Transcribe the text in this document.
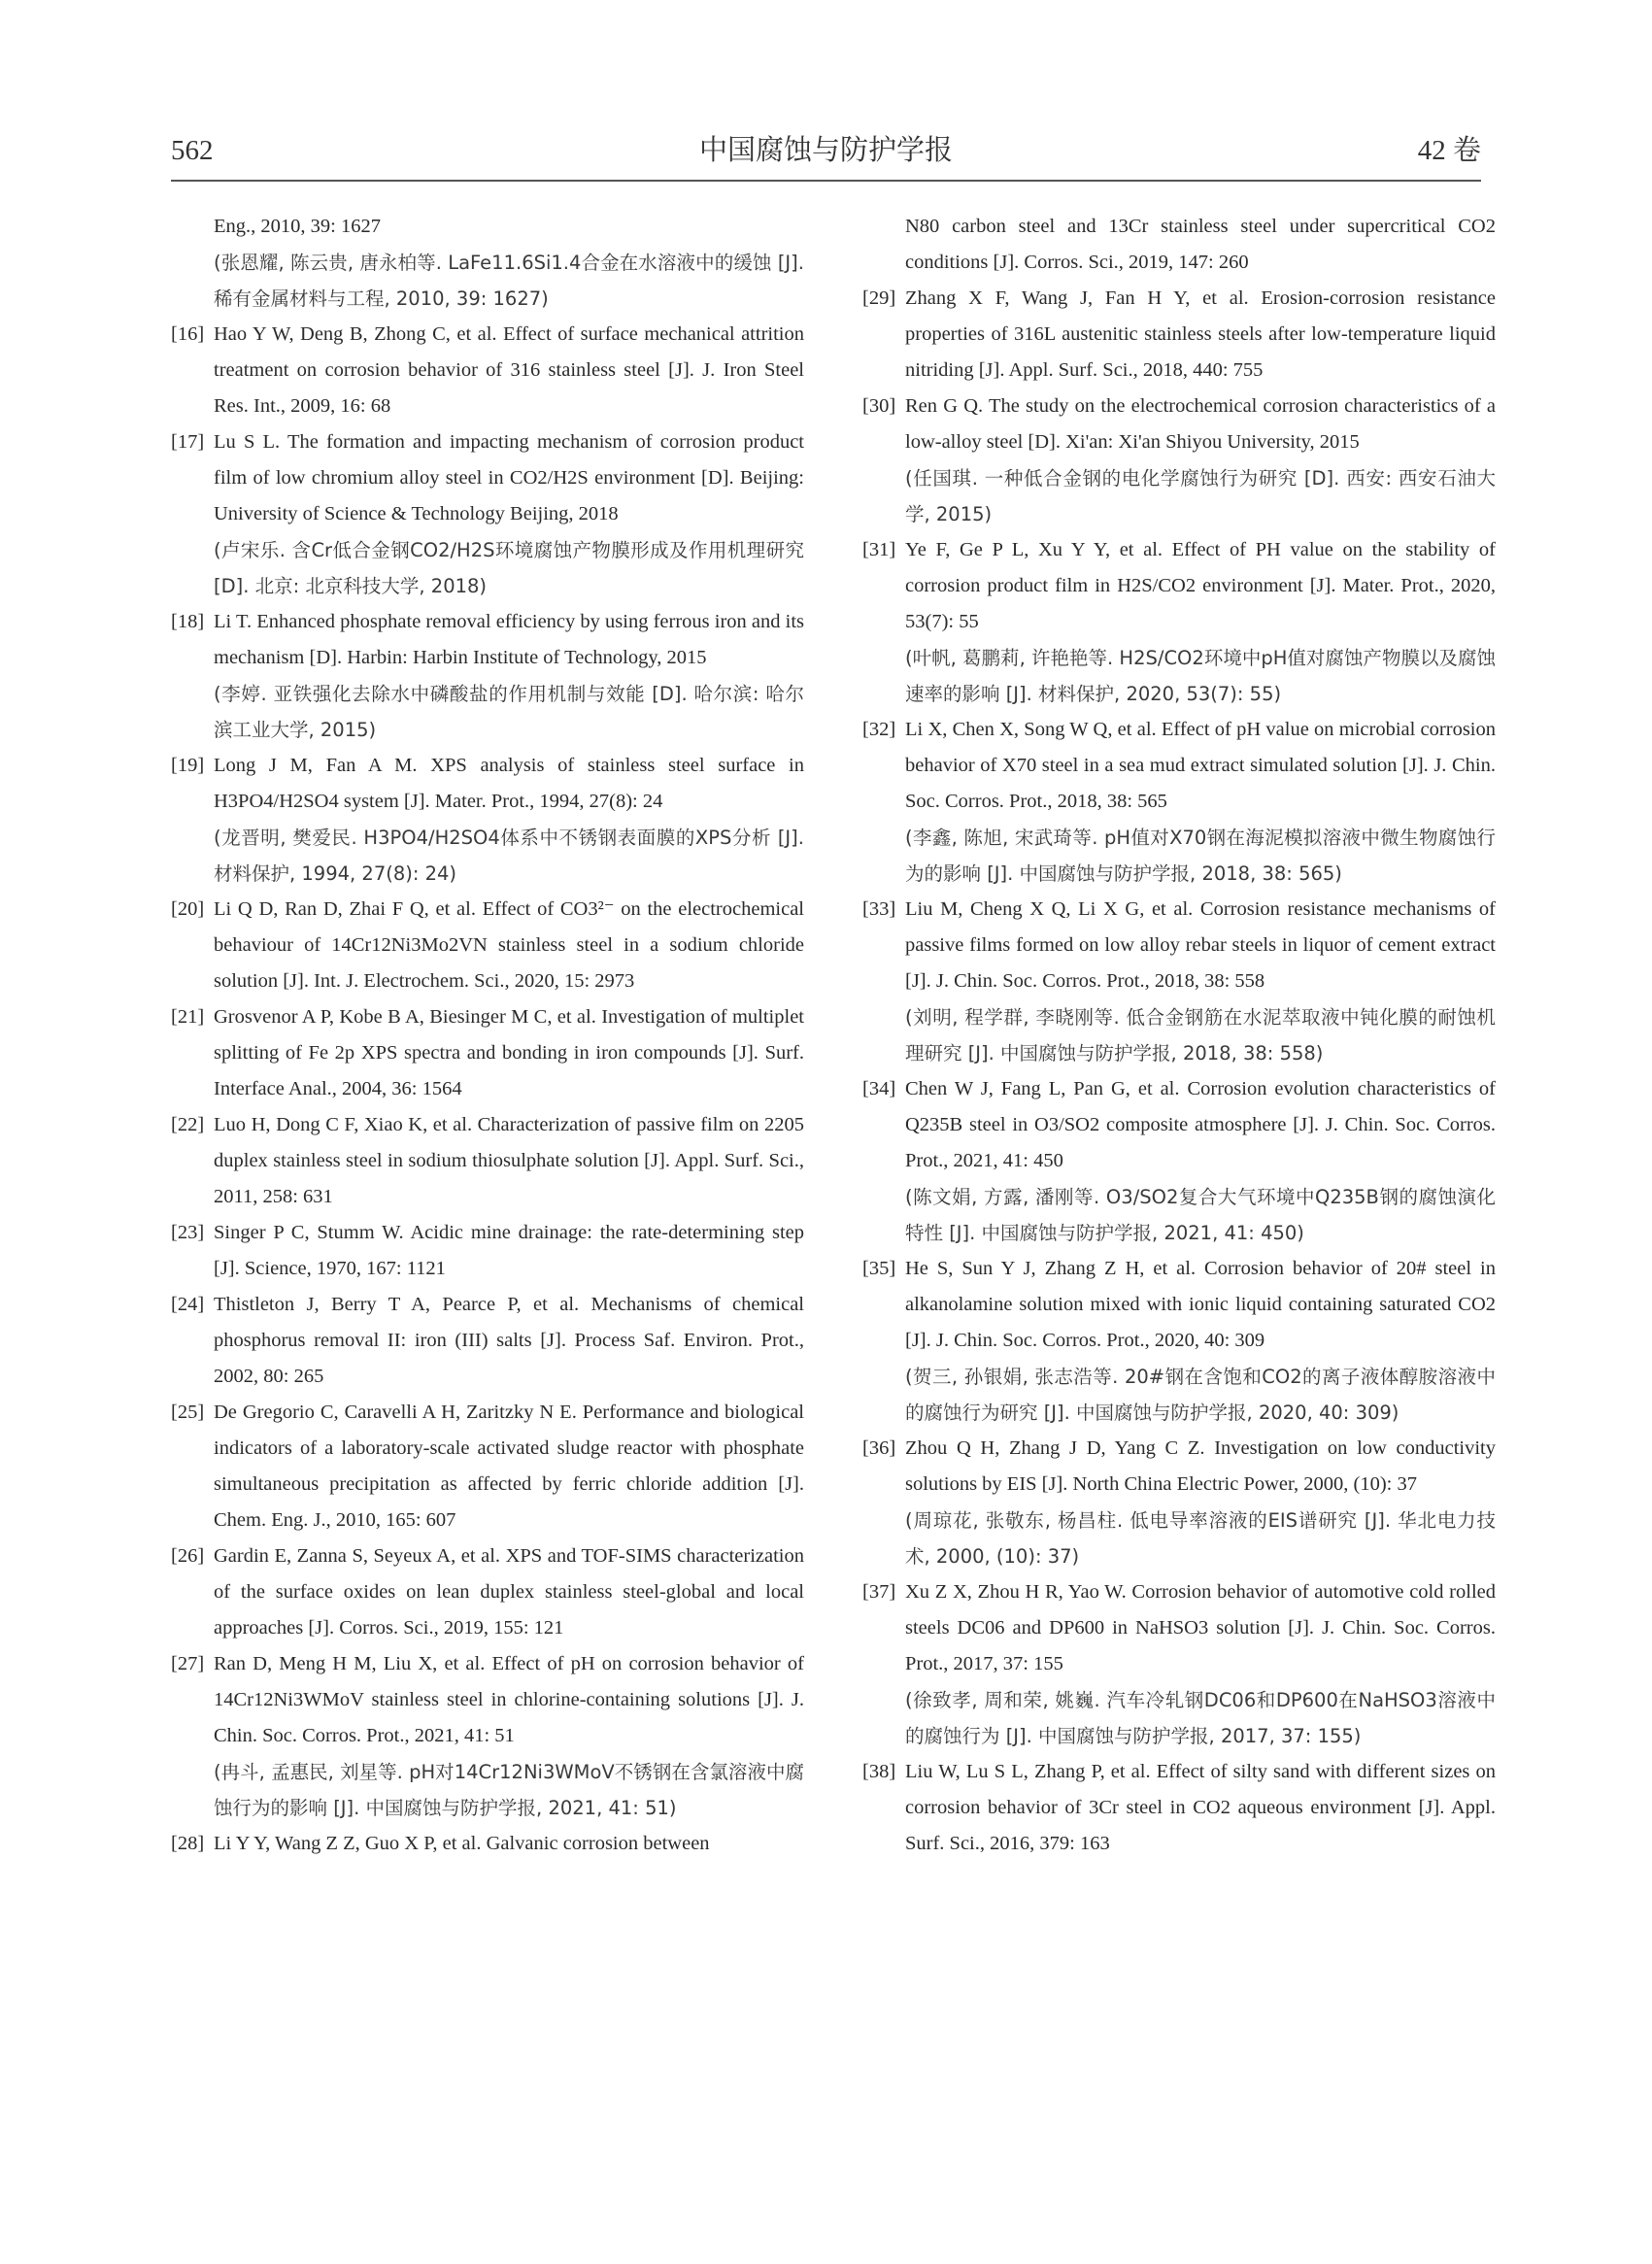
562	中国腐蚀与防护学报	42 卷
Eng., 2010, 39: 1627
(张恩耀, 陈云贵, 唐永柏等. LaFe11.6Si1.4合金在水溶液中的缓蚀 [J]. 稀有金属材料与工程, 2010, 39: 1627)
[16] Hao Y W, Deng B, Zhong C, et al. Effect of surface mechanical attrition treatment on corrosion behavior of 316 stainless steel [J]. J. Iron Steel Res. Int., 2009, 16: 68
[17] Lu S L. The formation and impacting mechanism of corrosion product film of low chromium alloy steel in CO2/H2S environment [D]. Beijing: University of Science & Technology Beijing, 2018
(卢宋乐. 含Cr低合金钢CO2/H2S环境腐蚀产物膜形成及作用机理研究 [D]. 北京: 北京科技大学, 2018)
[18] Li T. Enhanced phosphate removal efficiency by using ferrous iron and its mechanism [D]. Harbin: Harbin Institute of Technology, 2015
(李婷. 亚铁强化去除水中磷酸盐的作用机制与效能 [D]. 哈尔滨: 哈尔滨工业大学, 2015)
[19] Long J M, Fan A M. XPS analysis of stainless steel surface in H3PO4/H2SO4 system [J]. Mater. Prot., 1994, 27(8): 24
(龙晋明, 樊爱民. H3PO4/H2SO4体系中不锈钢表面膜的XPS分析 [J]. 材料保护, 1994, 27(8): 24)
[20] Li Q D, Ran D, Zhai F Q, et al. Effect of CO3²⁻ on the electrochemical behaviour of 14Cr12Ni3Mo2VN stainless steel in a sodium chloride solution [J]. Int. J. Electrochem. Sci., 2020, 15: 2973
[21] Grosvenor A P, Kobe B A, Biesinger M C, et al. Investigation of multiplet splitting of Fe 2p XPS spectra and bonding in iron compounds [J]. Surf. Interface Anal., 2004, 36: 1564
[22] Luo H, Dong C F, Xiao K, et al. Characterization of passive film on 2205 duplex stainless steel in sodium thiosulphate solution [J]. Appl. Surf. Sci., 2011, 258: 631
[23] Singer P C, Stumm W. Acidic mine drainage: the rate-determining step [J]. Science, 1970, 167: 1121
[24] Thistleton J, Berry T A, Pearce P, et al. Mechanisms of chemical phosphorus removal II: iron (III) salts [J]. Process Saf. Environ. Prot., 2002, 80: 265
[25] De Gregorio C, Caravelli A H, Zaritzky N E. Performance and biological indicators of a laboratory-scale activated sludge reactor with phosphate simultaneous precipitation as affected by ferric chloride addition [J]. Chem. Eng. J., 2010, 165: 607
[26] Gardin E, Zanna S, Seyeux A, et al. XPS and TOF-SIMS characterization of the surface oxides on lean duplex stainless steel-global and local approaches [J]. Corros. Sci., 2019, 155: 121
[27] Ran D, Meng H M, Liu X, et al. Effect of pH on corrosion behavior of 14Cr12Ni3WMoV stainless steel in chlorine-containing solutions [J]. J. Chin. Soc. Corros. Prot., 2021, 41: 51
(冉斗, 孟惠民, 刘星等. pH对14Cr12Ni3WMoV不锈钢在含氯溶液中腐蚀行为的影响 [J]. 中国腐蚀与防护学报, 2021, 41: 51)
[28] Li Y Y, Wang Z Z, Guo X P, et al. Galvanic corrosion between
N80 carbon steel and 13Cr stainless steel under supercritical CO2 conditions [J]. Corros. Sci., 2019, 147: 260
[29] Zhang X F, Wang J, Fan H Y, et al. Erosion-corrosion resistance properties of 316L austenitic stainless steels after low-temperature liquid nitriding [J]. Appl. Surf. Sci., 2018, 440: 755
[30] Ren G Q. The study on the electrochemical corrosion characteristics of a low-alloy steel [D]. Xi'an: Xi'an Shiyou University, 2015
(任国琪. 一种低合金钢的电化学腐蚀行为研究 [D]. 西安: 西安石油大学, 2015)
[31] Ye F, Ge P L, Xu Y Y, et al. Effect of PH value on the stability of corrosion product film in H2S/CO2 environment [J]. Mater. Prot., 2020, 53(7): 55
(叶帆, 葛鹏莉, 许艳艳等. H2S/CO2环境中pH值对腐蚀产物膜以及腐蚀速率的影响 [J]. 材料保护, 2020, 53(7): 55)
[32] Li X, Chen X, Song W Q, et al. Effect of pH value on microbial corrosion behavior of X70 steel in a sea mud extract simulated solution [J]. J. Chin. Soc. Corros. Prot., 2018, 38: 565
(李鑫, 陈旭, 宋武琦等. pH值对X70钢在海泥模拟溶液中微生物腐蚀行为的影响 [J]. 中国腐蚀与防护学报, 2018, 38: 565)
[33] Liu M, Cheng X Q, Li X G, et al. Corrosion resistance mechanisms of passive films formed on low alloy rebar steels in liquor of cement extract [J]. J. Chin. Soc. Corros. Prot., 2018, 38: 558
(刘明, 程学群, 李晓刚等. 低合金钢筋在水泥萃取液中钝化膜的耐蚀机理研究 [J]. 中国腐蚀与防护学报, 2018, 38: 558)
[34] Chen W J, Fang L, Pan G, et al. Corrosion evolution characteristics of Q235B steel in O3/SO2 composite atmosphere [J]. J. Chin. Soc. Corros. Prot., 2021, 41: 450
(陈文娟, 方露, 潘刚等. O3/SO2复合大气环境中Q235B钢的腐蚀演化特性 [J]. 中国腐蚀与防护学报, 2021, 41: 450)
[35] He S, Sun Y J, Zhang Z H, et al. Corrosion behavior of 20# steel in alkanolamine solution mixed with ionic liquid containing saturated CO2 [J]. J. Chin. Soc. Corros. Prot., 2020, 40: 309
(贺三, 孙银娟, 张志浩等. 20#钢在含饱和CO2的离子液体醇胺溶液中的腐蚀行为研究 [J]. 中国腐蚀与防护学报, 2020, 40: 309)
[36] Zhou Q H, Zhang J D, Yang C Z. Investigation on low conductivity solutions by EIS [J]. North China Electric Power, 2000, (10): 37
(周琼花, 张敬东, 杨昌柱. 低电导率溶液的EIS谱研究 [J]. 华北电力技术, 2000, (10): 37)
[37] Xu Z X, Zhou H R, Yao W. Corrosion behavior of automotive cold rolled steels DC06 and DP600 in NaHSO3 solution [J]. J. Chin. Soc. Corros. Prot., 2017, 37: 155
(徐致孝, 周和荣, 姚巍. 汽车冷轧钢DC06和DP600在NaHSO3溶液中的腐蚀行为 [J]. 中国腐蚀与防护学报, 2017, 37: 155)
[38] Liu W, Lu S L, Zhang P, et al. Effect of silty sand with different sizes on corrosion behavior of 3Cr steel in CO2 aqueous environment [J]. Appl. Surf. Sci., 2016, 379: 163
